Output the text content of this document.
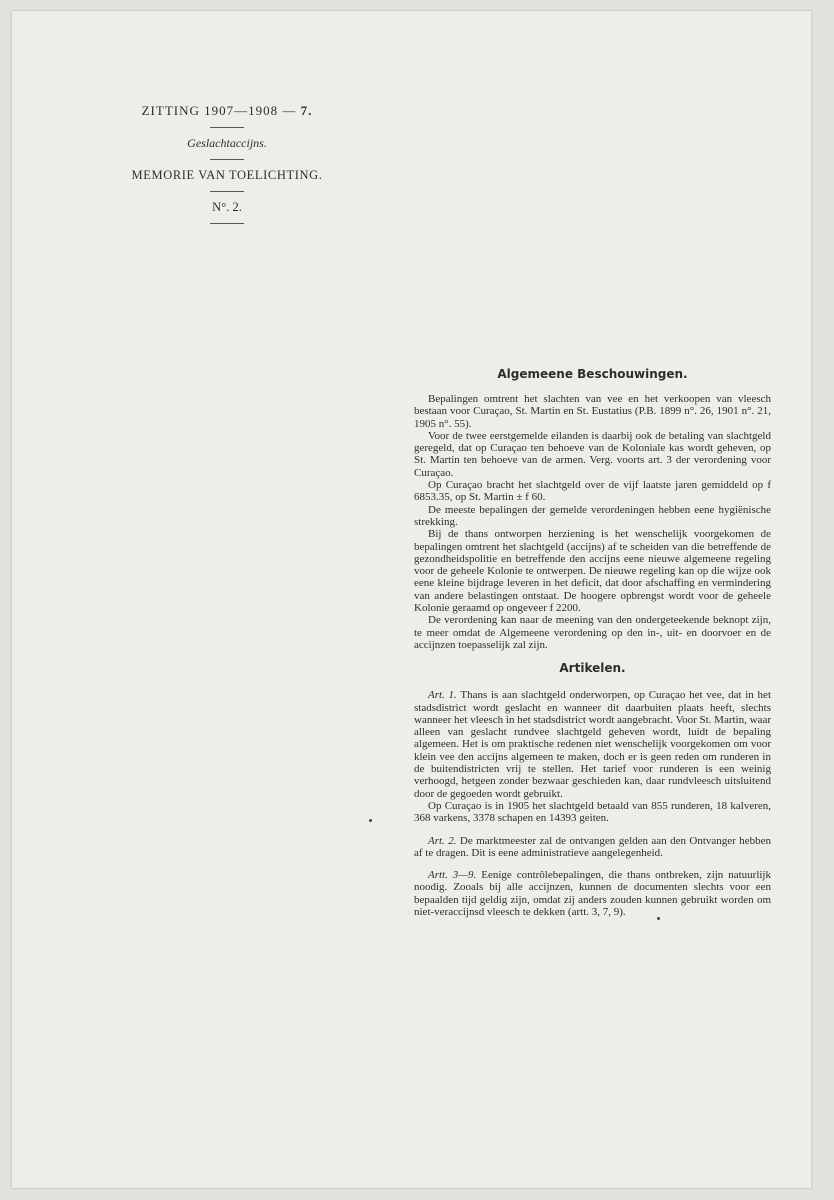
ZITTING 1907—1908 — 7.
Geslachtaccijns.
MEMORIE VAN TOELICHTING.
N°. 2.
Algemeene Beschouwingen.

Bepalingen omtrent het slachten van vee en het verkoopen van vleesch bestaan voor Curaçao, St. Martin en St. Eustatius (P.B. 1899 n°. 26, 1901 n°. 21, 1905 n°. 55).

Voor de twee eerstgemelde eilanden is daarbij ook de betaling van slachtgeld geregeld, dat op Curaçao ten behoeve van de Koloniale kas wordt geheven, op St. Martin ten behoeve van de armen. Verg. voorts art. 3 der verordening voor Curaçao.

Op Curaçao bracht het slachtgeld over de vijf laatste jaren gemiddeld op f 6853.35, op St. Martin ± f 60.

De meeste bepalingen der gemelde verordeningen hebben eene hygiënische strekking.

Bij de thans ontworpen herziening is het wenschelijk voorgekomen de bepalingen omtrent het slachtgeld (accijns) af te scheiden van die betreffende de gezondheidspolitie en betreffende den accijns eene nieuwe algemeene regeling voor de geheele Kolonie te ontwerpen. De nieuwe regeling kan op die wijze ook eene kleine bijdrage leveren in het deficit, dat door afschaffing en vermindering van andere belastingen ontstaat. De hoogere opbrengst wordt voor de geheele Kolonie geraamd op ongeveer f 2200.

De verordening kan naar de meening van den ondergeteekende beknopt zijn, te meer omdat de Algemeene verordening op den in-, uit- en doorvoer en de accijnzen toepasselijk zal zijn.

Artikelen.

Art. 1. Thans is aan slachtgeld onderworpen, op Curaçao het vee, dat in het stadsdistrict wordt geslacht en wanneer dit daarbuiten plaats heeft, slechts wanneer het vleesch in het stadsdistrict wordt aangebracht. Voor St. Martin, waar alleen van geslacht rundvee slachtgeld geheven wordt, luidt de bepaling algemeen. Het is om praktische redenen niet wenschelijk voorgekomen om voor klein vee den accijns algemeen te maken, doch er is geen reden om runderen in de buitendistricten vrij te stellen. Het tarief voor runderen is een weinig verhoogd, hetgeen zonder bezwaar geschieden kan, daar rundvleesch uitsluitend door de gegoeden wordt gebruikt.

Op Curaçao is in 1905 het slachtgeld betaald van 855 runderen, 18 kalveren, 368 varkens, 3378 schapen en 14393 geiten.

Art. 2. De marktmeester zal de ontvangen gelden aan den Ontvanger hebben af te dragen. Dit is eene administratieve aangelegenheid.

Artt. 3—9. Eenige contrôlebepalingen, die thans ontbreken, zijn natuurlijk noodig. Zooals bij alle accijnzen, kunnen de documenten slechts voor een bepaalden tijd geldig zijn, omdat zij anders zouden kunnen gebruikt worden om niet-veraccijnsd vleesch te dekken (artt. 3, 7, 9).
